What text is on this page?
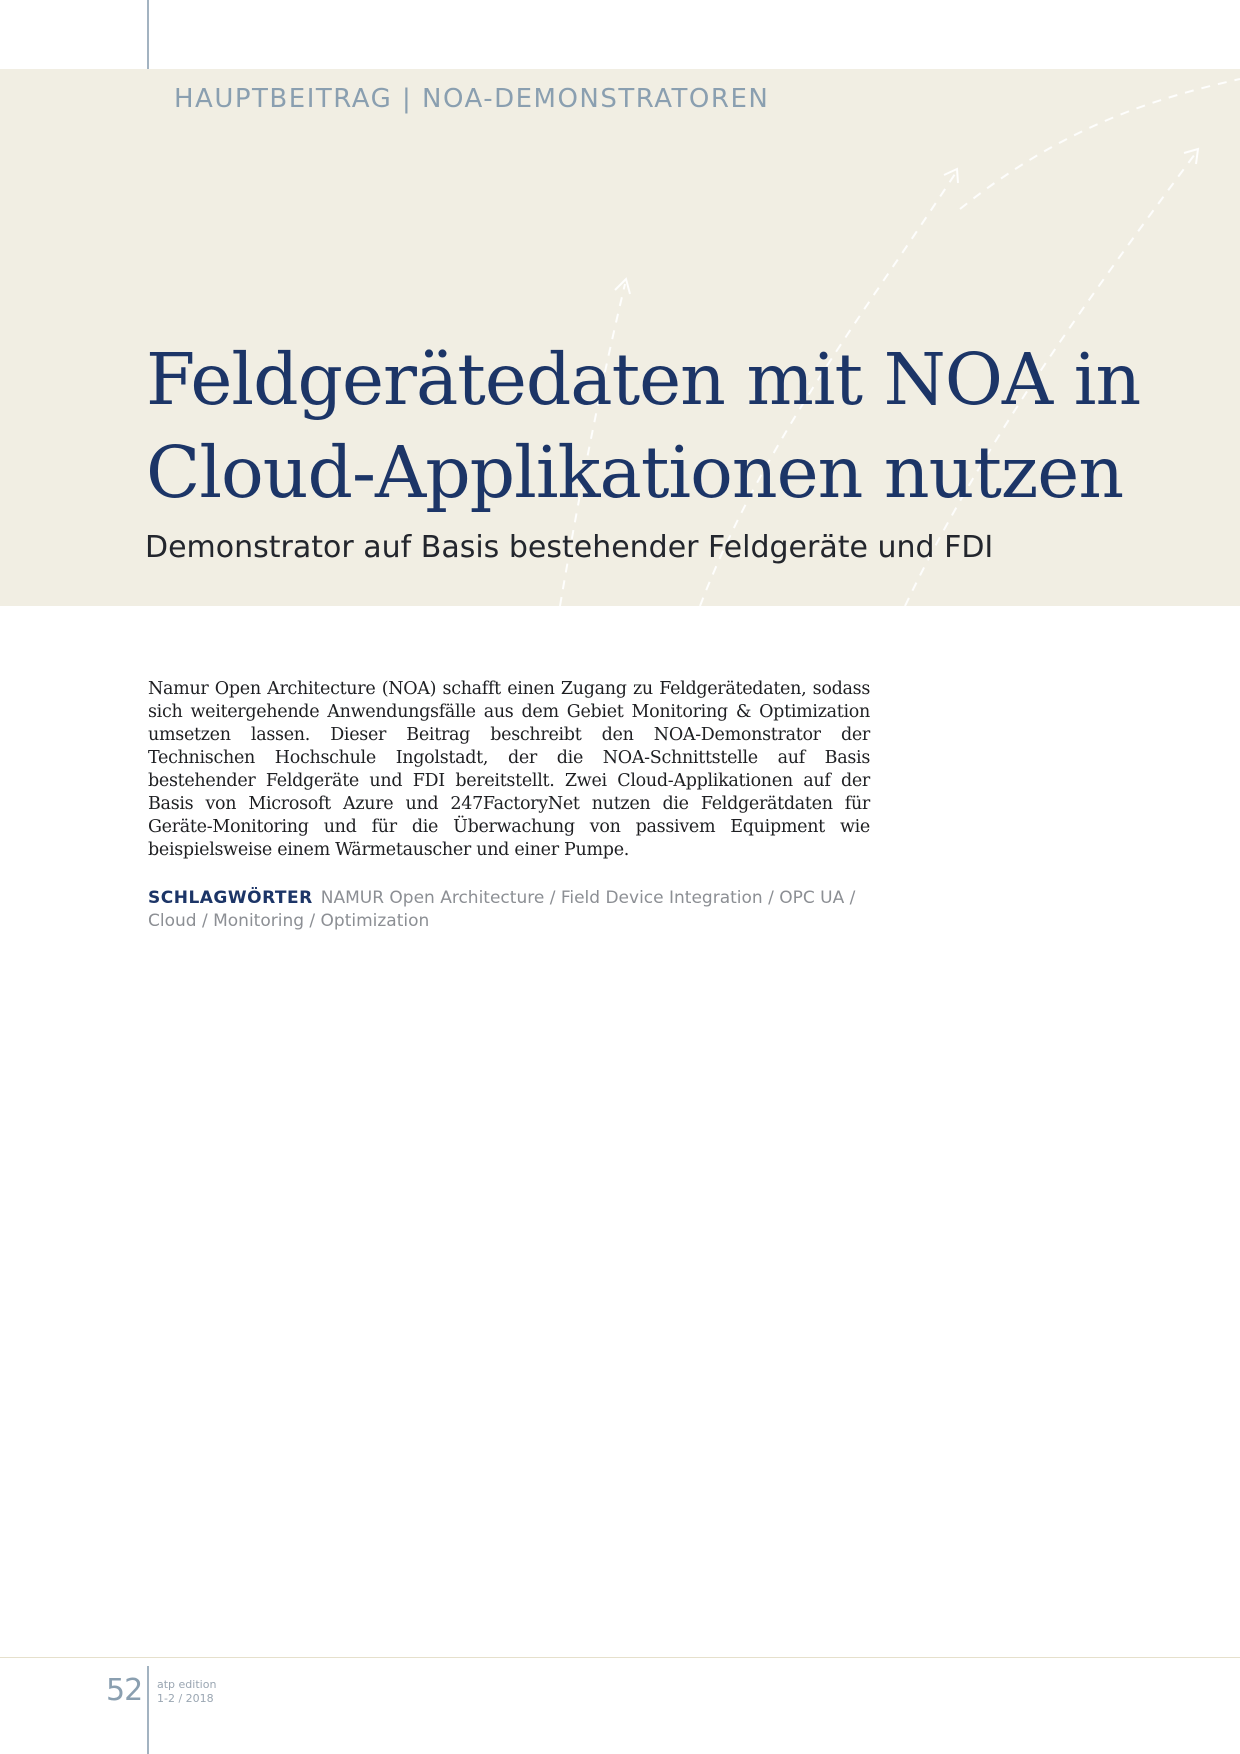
HAUPTBEITRAG | NOA-DEMONSTRATOREN
Feldgerätedaten mit NOA in
Cloud-Applikationen nutzen
Demonstrator auf Basis bestehender Feldgeräte und FDI

Namur Open Architecture (NOA) schafft einen Zugang zu Feldgerätedaten, sodass sich weitergehende Anwendungsfälle aus dem Gebiet Monitoring & Optimization umsetzen lassen. Dieser Beitrag beschreibt den NOA-Demonstrator der Technischen Hochschule Ingolstadt, der die NOA-Schnittstelle auf Basis bestehender Feldgeräte und FDI bereitstellt. Zwei Cloud-Applikationen auf der Basis von Microsoft Azure und 247FactoryNet nutzen die Feldgerätdaten für Geräte-Monitoring und für die Überwachung von passivem Equipment wie beispielsweise einem Wärmetauscher und einer Pumpe.

SCHLAGWÖRTER NAMUR Open Architecture / Field Device Integration / OPC UA / Cloud / Monitoring / Optimization
52 atp edition
1-2 / 2018
